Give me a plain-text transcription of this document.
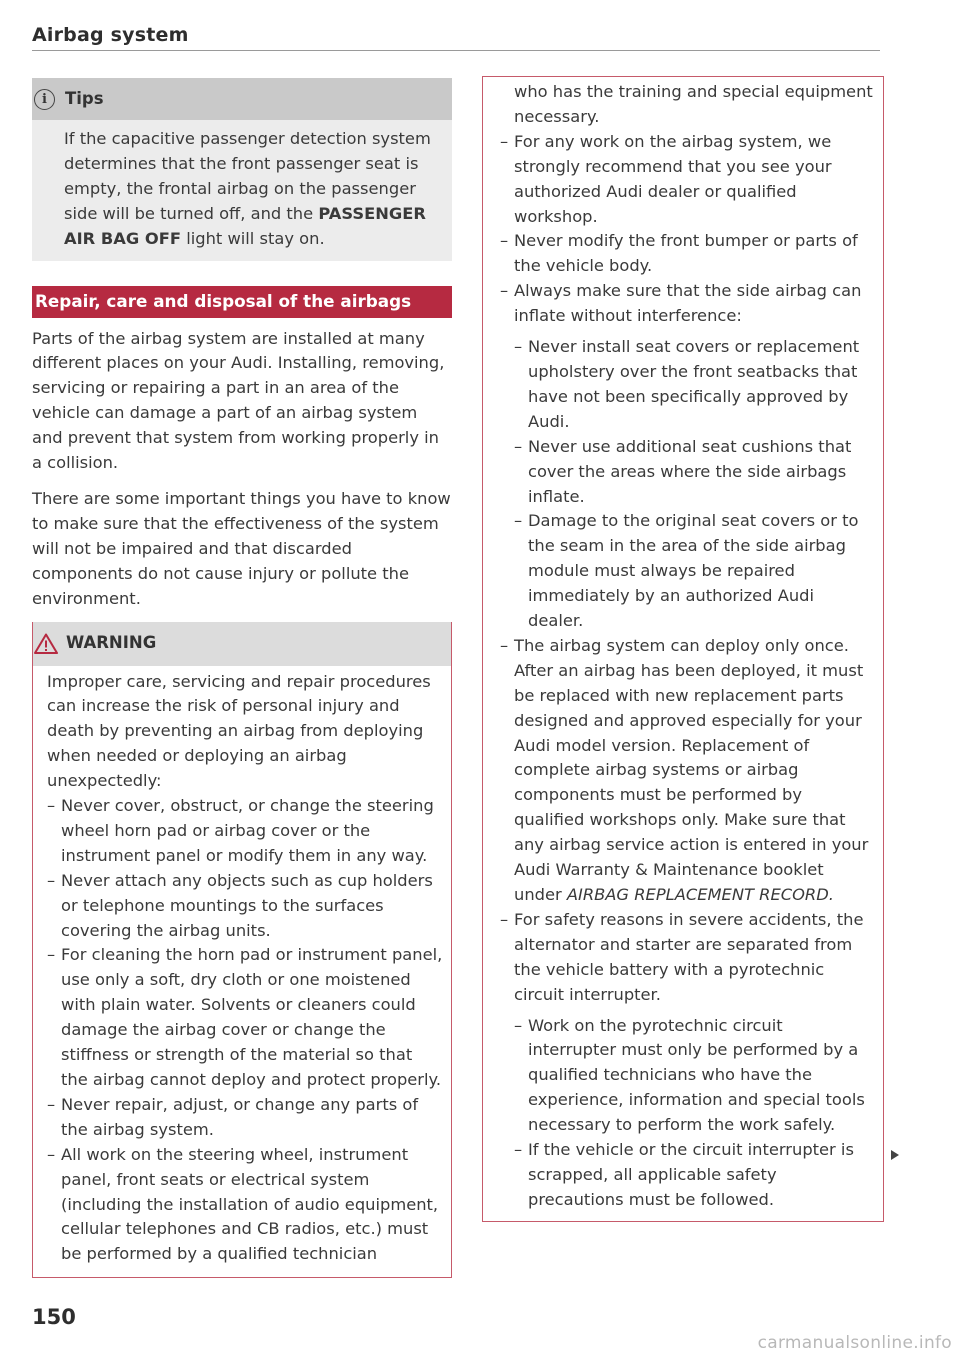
Airbag system
i	Tips
If the capacitive passenger detection system determines that the front passenger seat is empty, the frontal airbag on the passenger side will be turned off, and the PASSENGER AIR BAG OFF light will stay on.
Repair, care and disposal of the airbags

Parts of the airbag system are installed at many different places on your Audi. Installing, removing, servicing or repairing a part in an area of the vehicle can damage a part of an airbag system and prevent that system from working properly in a collision.

There are some important things you have to know to make sure that the effectiveness of the system will not be impaired and that discarded components do not cause injury or pollute the environment.

WARNING
Improper care, servicing and repair procedures can increase the risk of personal injury and death by preventing an airbag from deploying when needed or deploying an airbag unexpectedly:
– Never cover, obstruct, or change the steering wheel horn pad or airbag cover or the instrument panel or modify them in any way.
– Never attach any objects such as cup holders or telephone mountings to the surfaces covering the airbag units.
– For cleaning the horn pad or instrument panel, use only a soft, dry cloth or one moistened with plain water. Solvents or cleaners could damage the airbag cover or change the stiffness or strength of the material so that the airbag cannot deploy and protect properly.
– Never repair, adjust, or change any parts of the airbag system.
– All work on the steering wheel, instrument panel, front seats or electrical system (including the installation of audio equipment, cellular telephones and CB radios, etc.) must be performed by a qualified technician
who has the training and special equipment necessary.
– For any work on the airbag system, we strongly recommend that you see your authorized Audi dealer or qualified workshop.
– Never modify the front bumper or parts of the vehicle body.
– Always make sure that the side airbag can inflate without interference:
– Never install seat covers or replacement upholstery over the front seatbacks that have not been specifically approved by Audi.
– Never use additional seat cushions that cover the areas where the side airbags inflate.
– Damage to the original seat covers or to the seam in the area of the side airbag module must always be repaired immediately by an authorized Audi dealer.
– The airbag system can deploy only once. After an airbag has been deployed, it must be replaced with new replacement parts designed and approved especially for your Audi model version. Replacement of complete airbag systems or airbag components must be performed by qualified workshops only. Make sure that any airbag service action is entered in your Audi Warranty & Maintenance booklet under AIRBAG REPLACEMENT RECORD.
– For safety reasons in severe accidents, the alternator and starter are separated from the vehicle battery with a pyrotechnic circuit interrupter.
– Work on the pyrotechnic circuit interrupter must only be performed by a qualified technicians who have the experience, information and special tools necessary to perform the work safely.
– If the vehicle or the circuit interrupter is scrapped, all applicable safety precautions must be followed.
150
carmanualsonline.info
